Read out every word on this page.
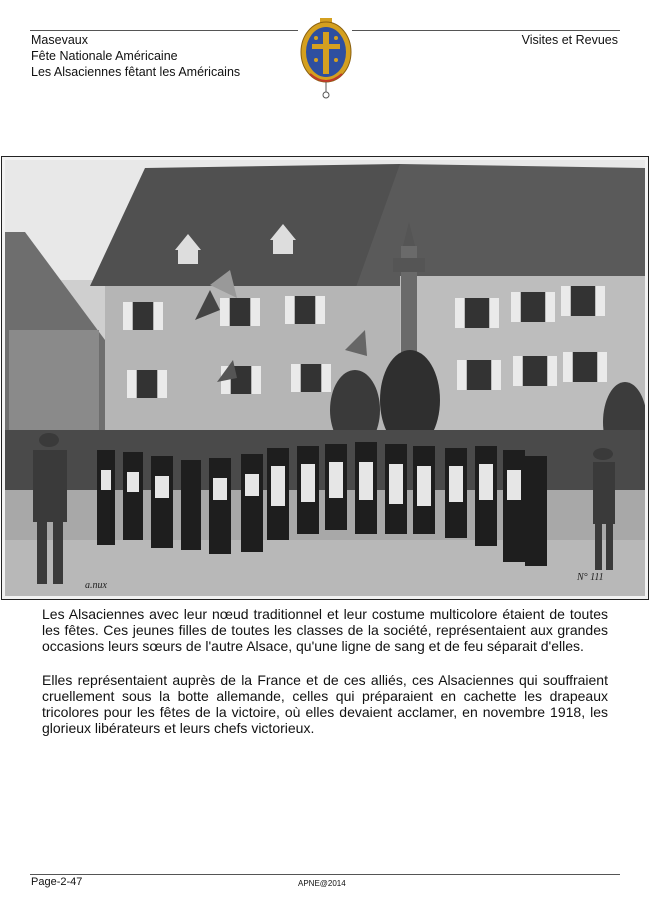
Masevaux
Fête Nationale Américaine
Les Alsaciennes fêtant les Américains
Visites et Revues
a.nux
N° 111

Les Alsaciennes avec leur nœud traditionnel et leur costume multicolore étaient de toutes les fêtes. Ces jeunes filles de toutes les classes de la société, représentaient aux grandes occasions leurs sœurs de l'autre Alsace, qu'une ligne de sang et de feu séparait d'elles.

Elles représentaient auprès de la France et de ces alliés, ces Alsaciennes qui souffraient cruellement sous la botte allemande, celles qui préparaient en cachette les drapeaux tricolores pour les fêtes de la victoire, où elles devaient acclamer, en novembre 1918, les glorieux libérateurs et leurs chefs victorieux.

Page-2-47	APNE@2014
